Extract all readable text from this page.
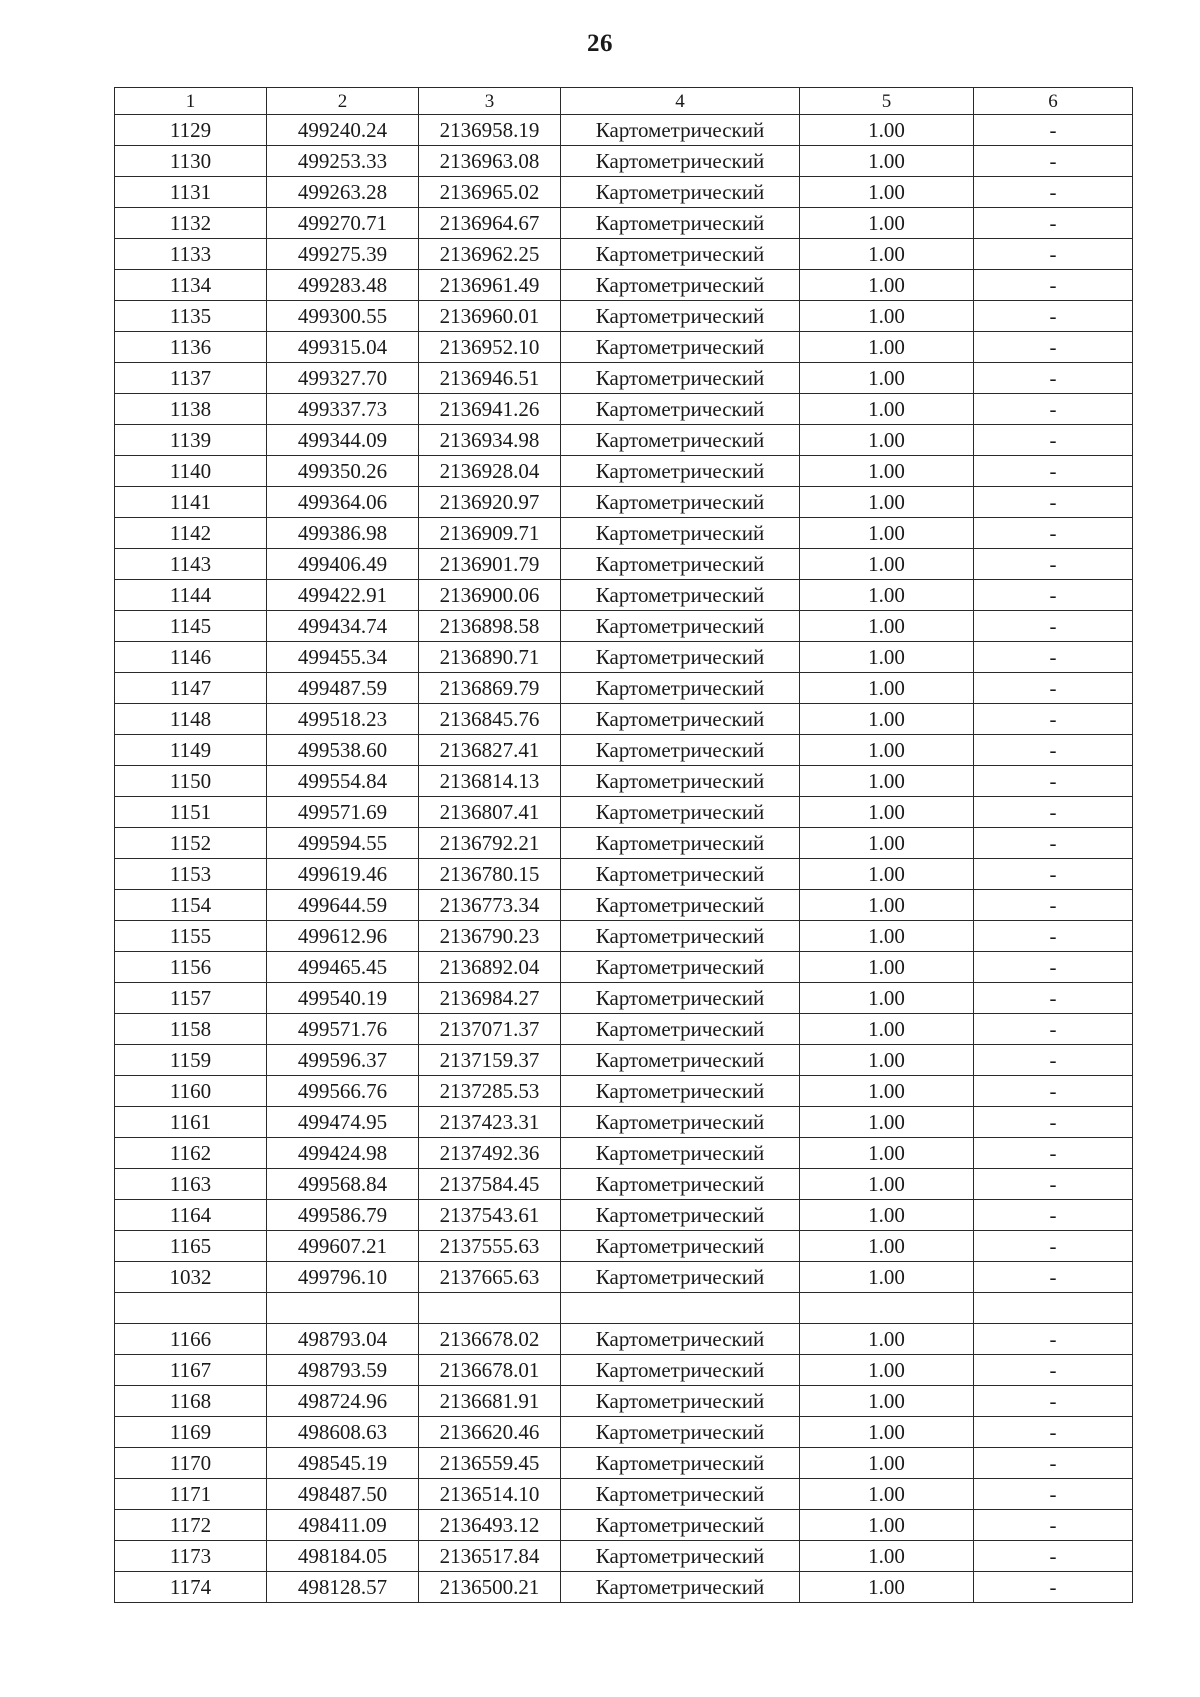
26
1	2	3	4	5	6
1129	499240.24	2136958.19	Картометрический	1.00	-
1130	499253.33	2136963.08	Картометрический	1.00	-
1131	499263.28	2136965.02	Картометрический	1.00	-
1132	499270.71	2136964.67	Картометрический	1.00	-
1133	499275.39	2136962.25	Картометрический	1.00	-
1134	499283.48	2136961.49	Картометрический	1.00	-
1135	499300.55	2136960.01	Картометрический	1.00	-
1136	499315.04	2136952.10	Картометрический	1.00	-
1137	499327.70	2136946.51	Картометрический	1.00	-
1138	499337.73	2136941.26	Картометрический	1.00	-
1139	499344.09	2136934.98	Картометрический	1.00	-
1140	499350.26	2136928.04	Картометрический	1.00	-
1141	499364.06	2136920.97	Картометрический	1.00	-
1142	499386.98	2136909.71	Картометрический	1.00	-
1143	499406.49	2136901.79	Картометрический	1.00	-
1144	499422.91	2136900.06	Картометрический	1.00	-
1145	499434.74	2136898.58	Картометрический	1.00	-
1146	499455.34	2136890.71	Картометрический	1.00	-
1147	499487.59	2136869.79	Картометрический	1.00	-
1148	499518.23	2136845.76	Картометрический	1.00	-
1149	499538.60	2136827.41	Картометрический	1.00	-
1150	499554.84	2136814.13	Картометрический	1.00	-
1151	499571.69	2136807.41	Картометрический	1.00	-
1152	499594.55	2136792.21	Картометрический	1.00	-
1153	499619.46	2136780.15	Картометрический	1.00	-
1154	499644.59	2136773.34	Картометрический	1.00	-
1155	499612.96	2136790.23	Картометрический	1.00	-
1156	499465.45	2136892.04	Картометрический	1.00	-
1157	499540.19	2136984.27	Картометрический	1.00	-
1158	499571.76	2137071.37	Картометрический	1.00	-
1159	499596.37	2137159.37	Картометрический	1.00	-
1160	499566.76	2137285.53	Картометрический	1.00	-
1161	499474.95	2137423.31	Картометрический	1.00	-
1162	499424.98	2137492.36	Картометрический	1.00	-
1163	499568.84	2137584.45	Картометрический	1.00	-
1164	499586.79	2137543.61	Картометрический	1.00	-
1165	499607.21	2137555.63	Картометрический	1.00	-
1032	499796.10	2137665.63	Картометрический	1.00	-

1166	498793.04	2136678.02	Картометрический	1.00	-
1167	498793.59	2136678.01	Картометрический	1.00	-
1168	498724.96	2136681.91	Картометрический	1.00	-
1169	498608.63	2136620.46	Картометрический	1.00	-
1170	498545.19	2136559.45	Картометрический	1.00	-
1171	498487.50	2136514.10	Картометрический	1.00	-
1172	498411.09	2136493.12	Картометрический	1.00	-
1173	498184.05	2136517.84	Картометрический	1.00	-
1174	498128.57	2136500.21	Картометрический	1.00	-
